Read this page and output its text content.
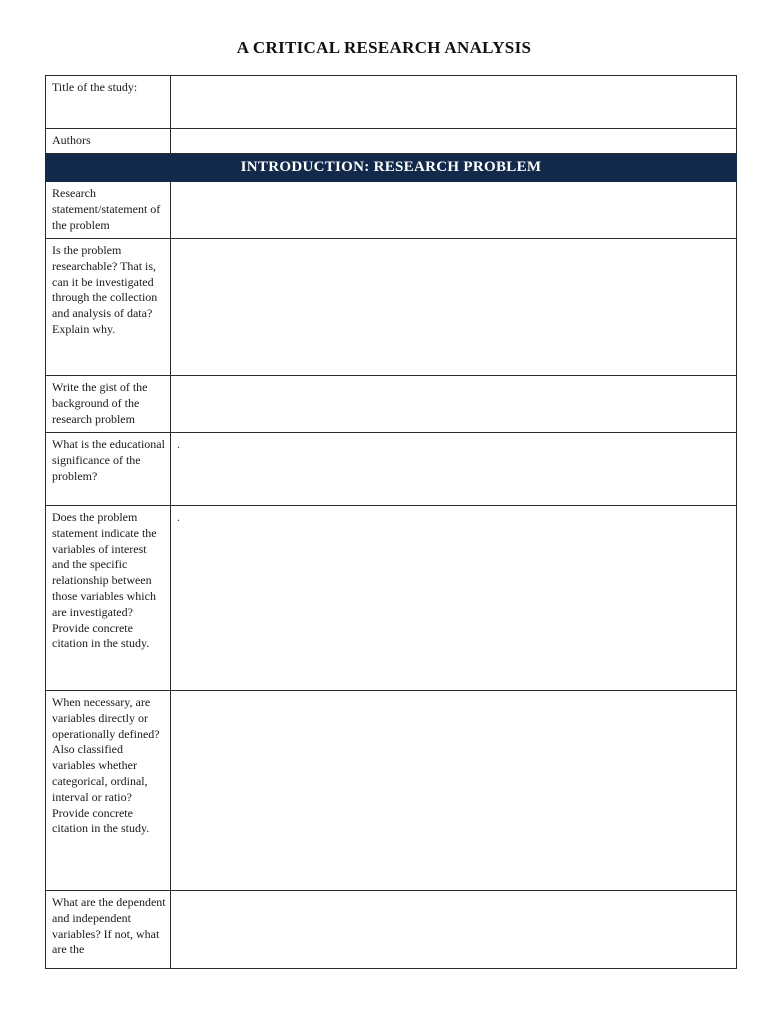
A CRITICAL RESEARCH ANALYSIS
Title of the study:	
Authors	
INTRODUCTION: RESEARCH PROBLEM	
Research statement/statement of the problem	
Is the problem researchable? That is, can it be investigated through the collection and analysis of data? Explain why.	
Write the gist of the background of the research problem	
What is the educational significance of the problem?	.
Does the problem statement indicate the variables of interest and the specific relationship between those variables which are investigated? Provide concrete citation in the study.	.
When necessary, are variables directly or operationally defined? Also classified variables whether categorical, ordinal, interval or ratio? Provide concrete citation in the study.	
What are the dependent and independent variables? If not, what are the	
